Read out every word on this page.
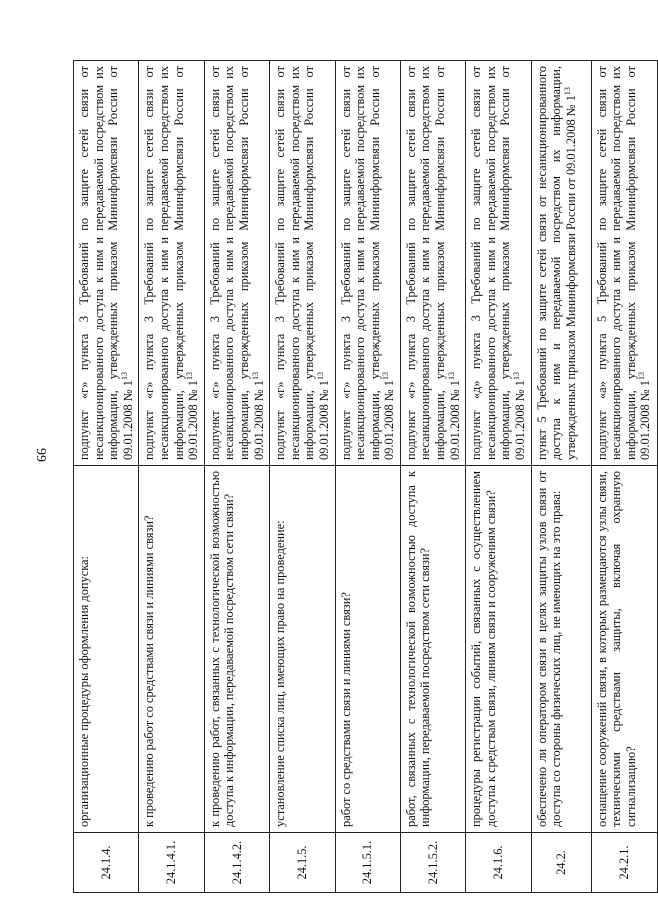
99
24.1.4.	организационные процедуры оформления допуска:	подпункт «г» пункта 3 Требований по защите сетей связи от несанкционированного доступа к ним и передаваемой посредством их информации, утвержденных приказом Мининформсвязи России от 09.01.2008 № $1^{13}$
24.1.4.1.	к проведению работ со средствами связи и линиями связи?	подпункт «г» пункта 3 Требований по защите сетей связи от несанкционированного доступа к ним и передаваемой посредством их информации, утвержденных приказом Мининформсвязи России от 09.01.2008 № $1^{13}$
24.1.4.2.	к проведению работ, связанных с технологической возможностью доступа к информации, передаваемой посредством сети связи?	подпункт «г» пункта 3 Требований по защите сетей связи от несанкционированного доступа к ним и передаваемой посредством их информации, утвержденных приказом Мининформсвязи России от 09.01.2008 № $1^{13}$
24.1.5.	установление списка лиц, имеющих право на проведение:	подпункт «г» пункта 3 Требований по защите сетей связи от несанкционированного доступа к ним и передаваемой посредством их информации, утвержденных приказом Мининформсвязи России от 09.01.2008 № $1^{13}$
24.1.5.1.	работ со средствами связи и линиями связи?	подпункт «г» пункта 3 Требований по защите сетей связи от несанкционированного доступа к ним и передаваемой посредством их информации, утвержденных приказом Мининформсвязи России от 09.01.2008 № $1^{13}$
24.1.5.2.	работ, связанных с технологической возможностью доступа к информации, передаваемой посредством сети связи?	подпункт «г» пункта 3 Требований по защите сетей связи от несанкционированного доступа к ним и передаваемой посредством их информации, утвержденных приказом Мининформсвязи России от 09.01.2008 № $1^{13}$
24.1.6.	процедуры регистрации событий, связанных с осуществлением доступа к средствам связи, линиям связи и сооружениям связи?	подпункт «д» пункта 3 Требований по защите сетей связи от несанкционированного доступа к ним и передаваемой посредством их информации, утвержденных приказом Мининформсвязи России от 09.01.2008 № $1^{13}$
24.2.	обеспечено ли оператором связи в целях защиты узлов связи от доступа со стороны физических лиц, не имеющих на это права:	пункт 5 Требований по защите сетей связи от несанкционированного доступа к ним и передаваемой посредством их информации, утвержденных приказом Мининформсвязи России от 09.01.2008 № $1^{13}$
24.2.1.	оснащение сооружений связи, в которых размещаются узлы связи, техническими средствами защиты, включая охранную сигнализацию?	подпункт «а» пункта 5 Требований по защите сетей связи от несанкционированного доступа к ним и передаваемой посредством их информации, утвержденных приказом Мининформсвязи России от 09.01.2008 № $1^{13}$
